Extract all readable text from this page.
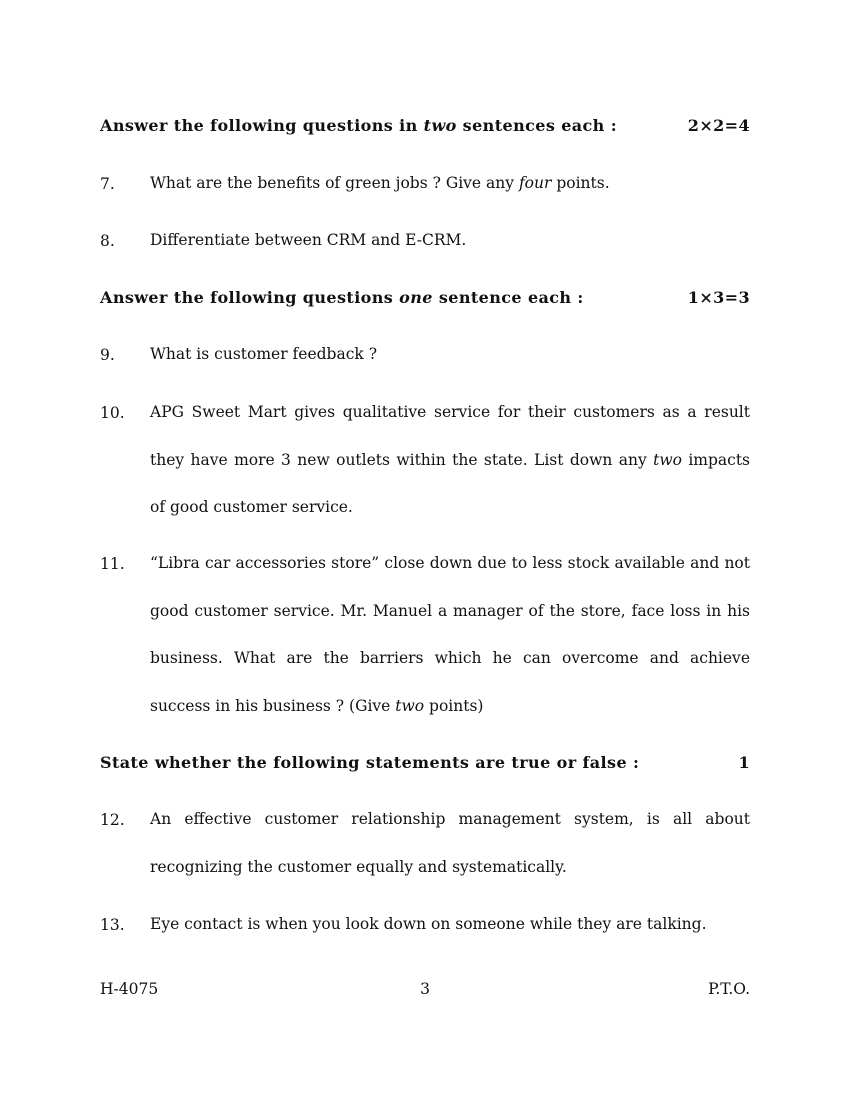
Answer the following questions in two sentences each :	2×2=4
7. What are the benefits of green jobs ? Give any four points.
8. Differentiate between CRM and E-CRM.
Answer the following questions one sentence each :	1×3=3
9. What is customer feedback ?
10. APG Sweet Mart gives qualitative service for their customers as a result they have more 3 new outlets within the state. List down any two impacts of good customer service.
11. “Libra car accessories store” close down due to less stock available and not good customer service. Mr. Manuel a manager of the store, face loss in his business. What are the barriers which he can overcome and achieve success in his business ? (Give two points)
State whether the following statements are true or false :	1
12. An effective customer relationship management system, is all about recognizing the customer equally and systematically.
13. Eye contact is when you look down on someone while they are talking.
H-4075	3	P.T.O.
